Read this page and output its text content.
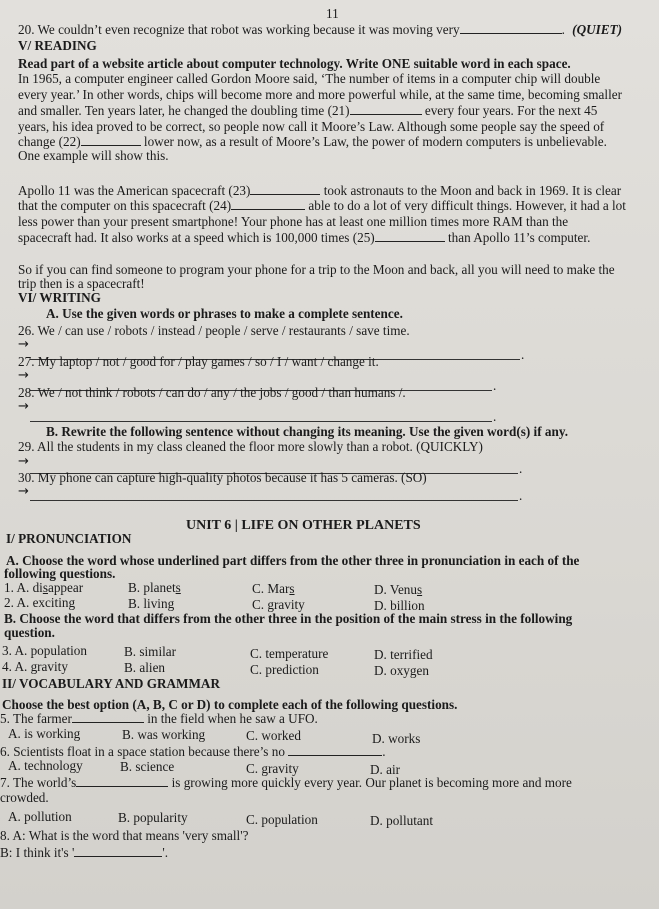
11
20. We couldn’t even recognize that robot was working because it was moving very	. (QUIET)
V/ READING
Read part of a website article about computer technology. Write ONE suitable word in each space.
In 1965, a computer engineer called Gordon Moore said, ‘The number of items in a computer chip will double
every year.’ In other words, chips will become more and more powerful while, at the same time, becoming smaller
and smaller. Ten years later, he changed the doubling time (21)	every four years. For the next 45
years, his idea proved to be correct, so people now call it Moore’s Law. Although some people say the speed of
change (22)	lower now, as a result of Moore’s Law, the power of modern computers is unbelievable.
One example will show this.
Apollo 11 was the American spacecraft (23)	took astronauts to the Moon and back in 1969. It is clear
that the computer on this spacecraft (24)	able to do a lot of very difficult things. However, it had a lot
less power than your present smartphone! Your phone has at least one million times more RAM than the
spacecraft had. It also works at a speed which is 100,000 times (25)	than Apollo 11’s computer.
So if you can find someone to program your phone for a trip to the Moon and back, all you will need to make the
trip then is a spacecraft!
VI/ WRITING
A. Use the given words or phrases to make a complete sentence.
26. We / can use / robots / instead / people / serve / restaurants / save time.
→
.
27. My laptop / not / good for / play games / so / I / want / change it.
→
.
28. We / not think / robots / can do / any / the jobs / good / than humans /.
→
.
B. Rewrite the following sentence without changing its meaning. Use the given word(s) if any.
29. All the students in my class cleaned the floor more slowly than a robot. (QUICKLY)
→	.
30. My phone can capture high-quality photos because it has 5 cameras. (SO)
→	.
UNIT 6 | LIFE ON OTHER PLANETS
I/ PRONUNCIATION
A. Choose the word whose underlined part differs from the other three in pronunciation in each of the
following questions.
1. A. disappear	B. planets	C. Mars	D. Venus
2. A. exciting	B. living	C. gravity	D. billion
B. Choose the word that differs from the other three in the position of the main stress in the following
question.
3. A. population	B. similar	C. temperature	D. terrified
4. A. gravity	B. alien	C. prediction	D. oxygen
II/ VOCABULARY AND GRAMMAR
Choose the best option (A, B, C or D) to complete each of the following questions.
5. The farmer	in the field when he saw a UFO.
A. is working	B. was working	C. worked	D. works
6. Scientists float in a space station because there’s no	.
A. technology	B. science	C. gravity	D. air
7. The world’s	is growing more quickly every year. Our planet is becoming more and more
crowded.
A. pollution	B. popularity	C. population	D. pollutant
8. A: What is the word that means 'very small'?
B: I think it's '	'.
